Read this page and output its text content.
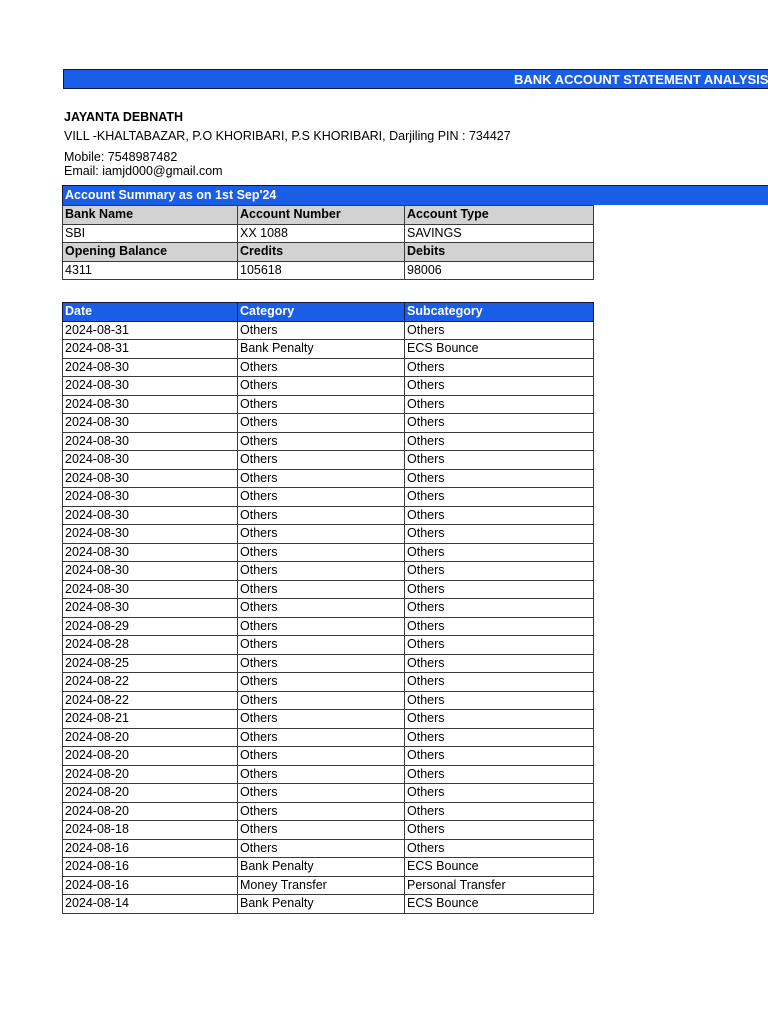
BANK ACCOUNT STATEMENT ANALYSIS
JAYANTA DEBNATH
VILL -KHALTABAZAR, P.O KHORIBARI, P.S KHORIBARI, Darjiling PIN : 734427
Mobile: 7548987482
Email: iamjd000@gmail.com
Account Summary as on 1st Sep'24
Bank Name	Account Number	Account Type
SBI	XX 1088	SAVINGS
Opening Balance	Credits	Debits
4311	105618	98006
Date	Category	Subcategory
2024-08-31	Others	Others
2024-08-31	Bank Penalty	ECS Bounce
2024-08-30	Others	Others
2024-08-30	Others	Others
2024-08-30	Others	Others
2024-08-30	Others	Others
2024-08-30	Others	Others
2024-08-30	Others	Others
2024-08-30	Others	Others
2024-08-30	Others	Others
2024-08-30	Others	Others
2024-08-30	Others	Others
2024-08-30	Others	Others
2024-08-30	Others	Others
2024-08-30	Others	Others
2024-08-30	Others	Others
2024-08-29	Others	Others
2024-08-28	Others	Others
2024-08-25	Others	Others
2024-08-22	Others	Others
2024-08-22	Others	Others
2024-08-21	Others	Others
2024-08-20	Others	Others
2024-08-20	Others	Others
2024-08-20	Others	Others
2024-08-20	Others	Others
2024-08-20	Others	Others
2024-08-18	Others	Others
2024-08-16	Others	Others
2024-08-16	Bank Penalty	ECS Bounce
2024-08-16	Money Transfer	Personal Transfer
2024-08-14	Bank Penalty	ECS Bounce
